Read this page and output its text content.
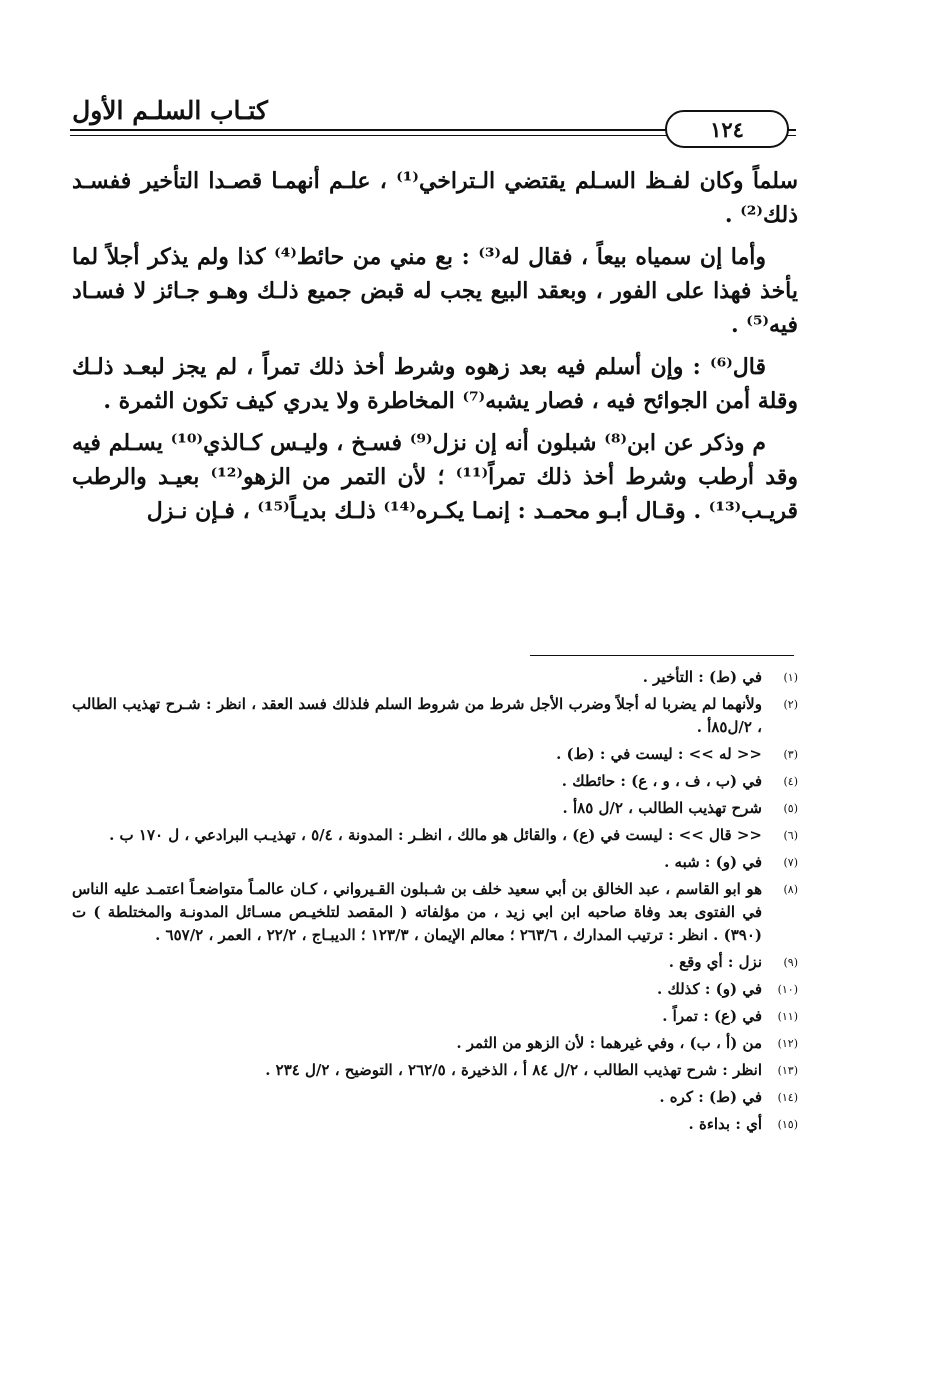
كتـاب السلـم الأول
١٢٤

سلماً وكان لفـظ السـلم يقتضي الـتراخي⁽¹⁾ ، علـم أنهمـا قصـدا التأخير ففسـد ذلك⁽²⁾ .

وأما إن سمياه بيعاً ، فقال له⁽³⁾ : بع مني من حائط⁽⁴⁾ كذا ولم يذكر أجلاً لما يأخذ فهذا على الفور ، وبعقد البيع يجب له قبض جميع ذلـك وهـو جـائز لا فسـاد فيه⁽⁵⁾ .

قال⁽⁶⁾ : وإن أسلم فيه بعد زهوه وشرط أخذ ذلك تمراً ، لم يجز لبعـد ذلـك وقلة أمن الجوائح فيه ، فصار يشبه⁽⁷⁾ المخاطرة ولا يدري كيف تكون الثمرة .

م وذكر عن ابن⁽⁸⁾ شبلون أنه إن نزل⁽⁹⁾ فسـخ ، وليـس كـالذي⁽¹⁰⁾ يسـلم فيه وقد أرطب وشرط أخذ ذلك تمراً⁽¹¹⁾ ؛ لأن التمر من الزهو⁽¹²⁾ بعيـد والرطب قريـب⁽¹³⁾ . وقـال أبـو محمـد : إنمـا يكـره⁽¹⁴⁾ ذلـك بديـاً⁽¹⁵⁾ ، فـإن نـزل

(١)
في (ط) : التأخير .
(٢)
ولأنهما لم يضربا له أجلاً وضرب الأجل شرط من شروط السلم فلذلك فسد العقد ، انظر : شـرح تهذيب الطالب ، ٢/ل٨٥أ .
(٣)
<< له >> : ليست في : (ط) .
(٤)
في (ب ، ف ، و ، ع) : حائطك .
(٥)
شرح تهذيب الطالب ، ٢/ل ٨٥أ .
(٦)
<< قال >> : ليست في (ع) ، والقائل هو مالك ، انظـر : المدونة ، ٥/٤ ، تهذيـب البرادعي ، ل ١٧٠ ب .
(٧)
في (و) : شبه .
(٨)
هو ابو القاسم ، عبد الخالق بن أبي سعيد خلف بن شـبلون القـيرواني ، كـان عالمـاً متواضعـاً اعتمـد عليه الناس في الفتوى بعد وفاة صاحبه ابن ابي زيد ، من مؤلفاته ( المقصد لتلخيـص مسـائل المدونـة والمختلطة ) ت (٣٩٠) . انظر : ترتيب المدارك ، ٢٦٣/٦ ؛ معالم الإيمان ، ١٢٣/٣ ؛ الديبـاج ، ٢٢/٢ ، العمر ، ٦٥٧/٢ .
(٩)
نزل : أي وقع .
(١٠)
في (و) : كذلك .
(١١)
في (ع) : تمراً .
(١٢)
من (أ ، ب) ، وفي غيرهما : لأن الزهو من الثمر .
(١٣)
انظر : شرح تهذيب الطالب ، ٢/ل ٨٤ أ ، الذخيرة ، ٢٦٢/٥ ، التوضيح ، ٢/ل ٢٣٤ .
(١٤)
في (ط) : كره .
(١٥)
أي : بداءة .
